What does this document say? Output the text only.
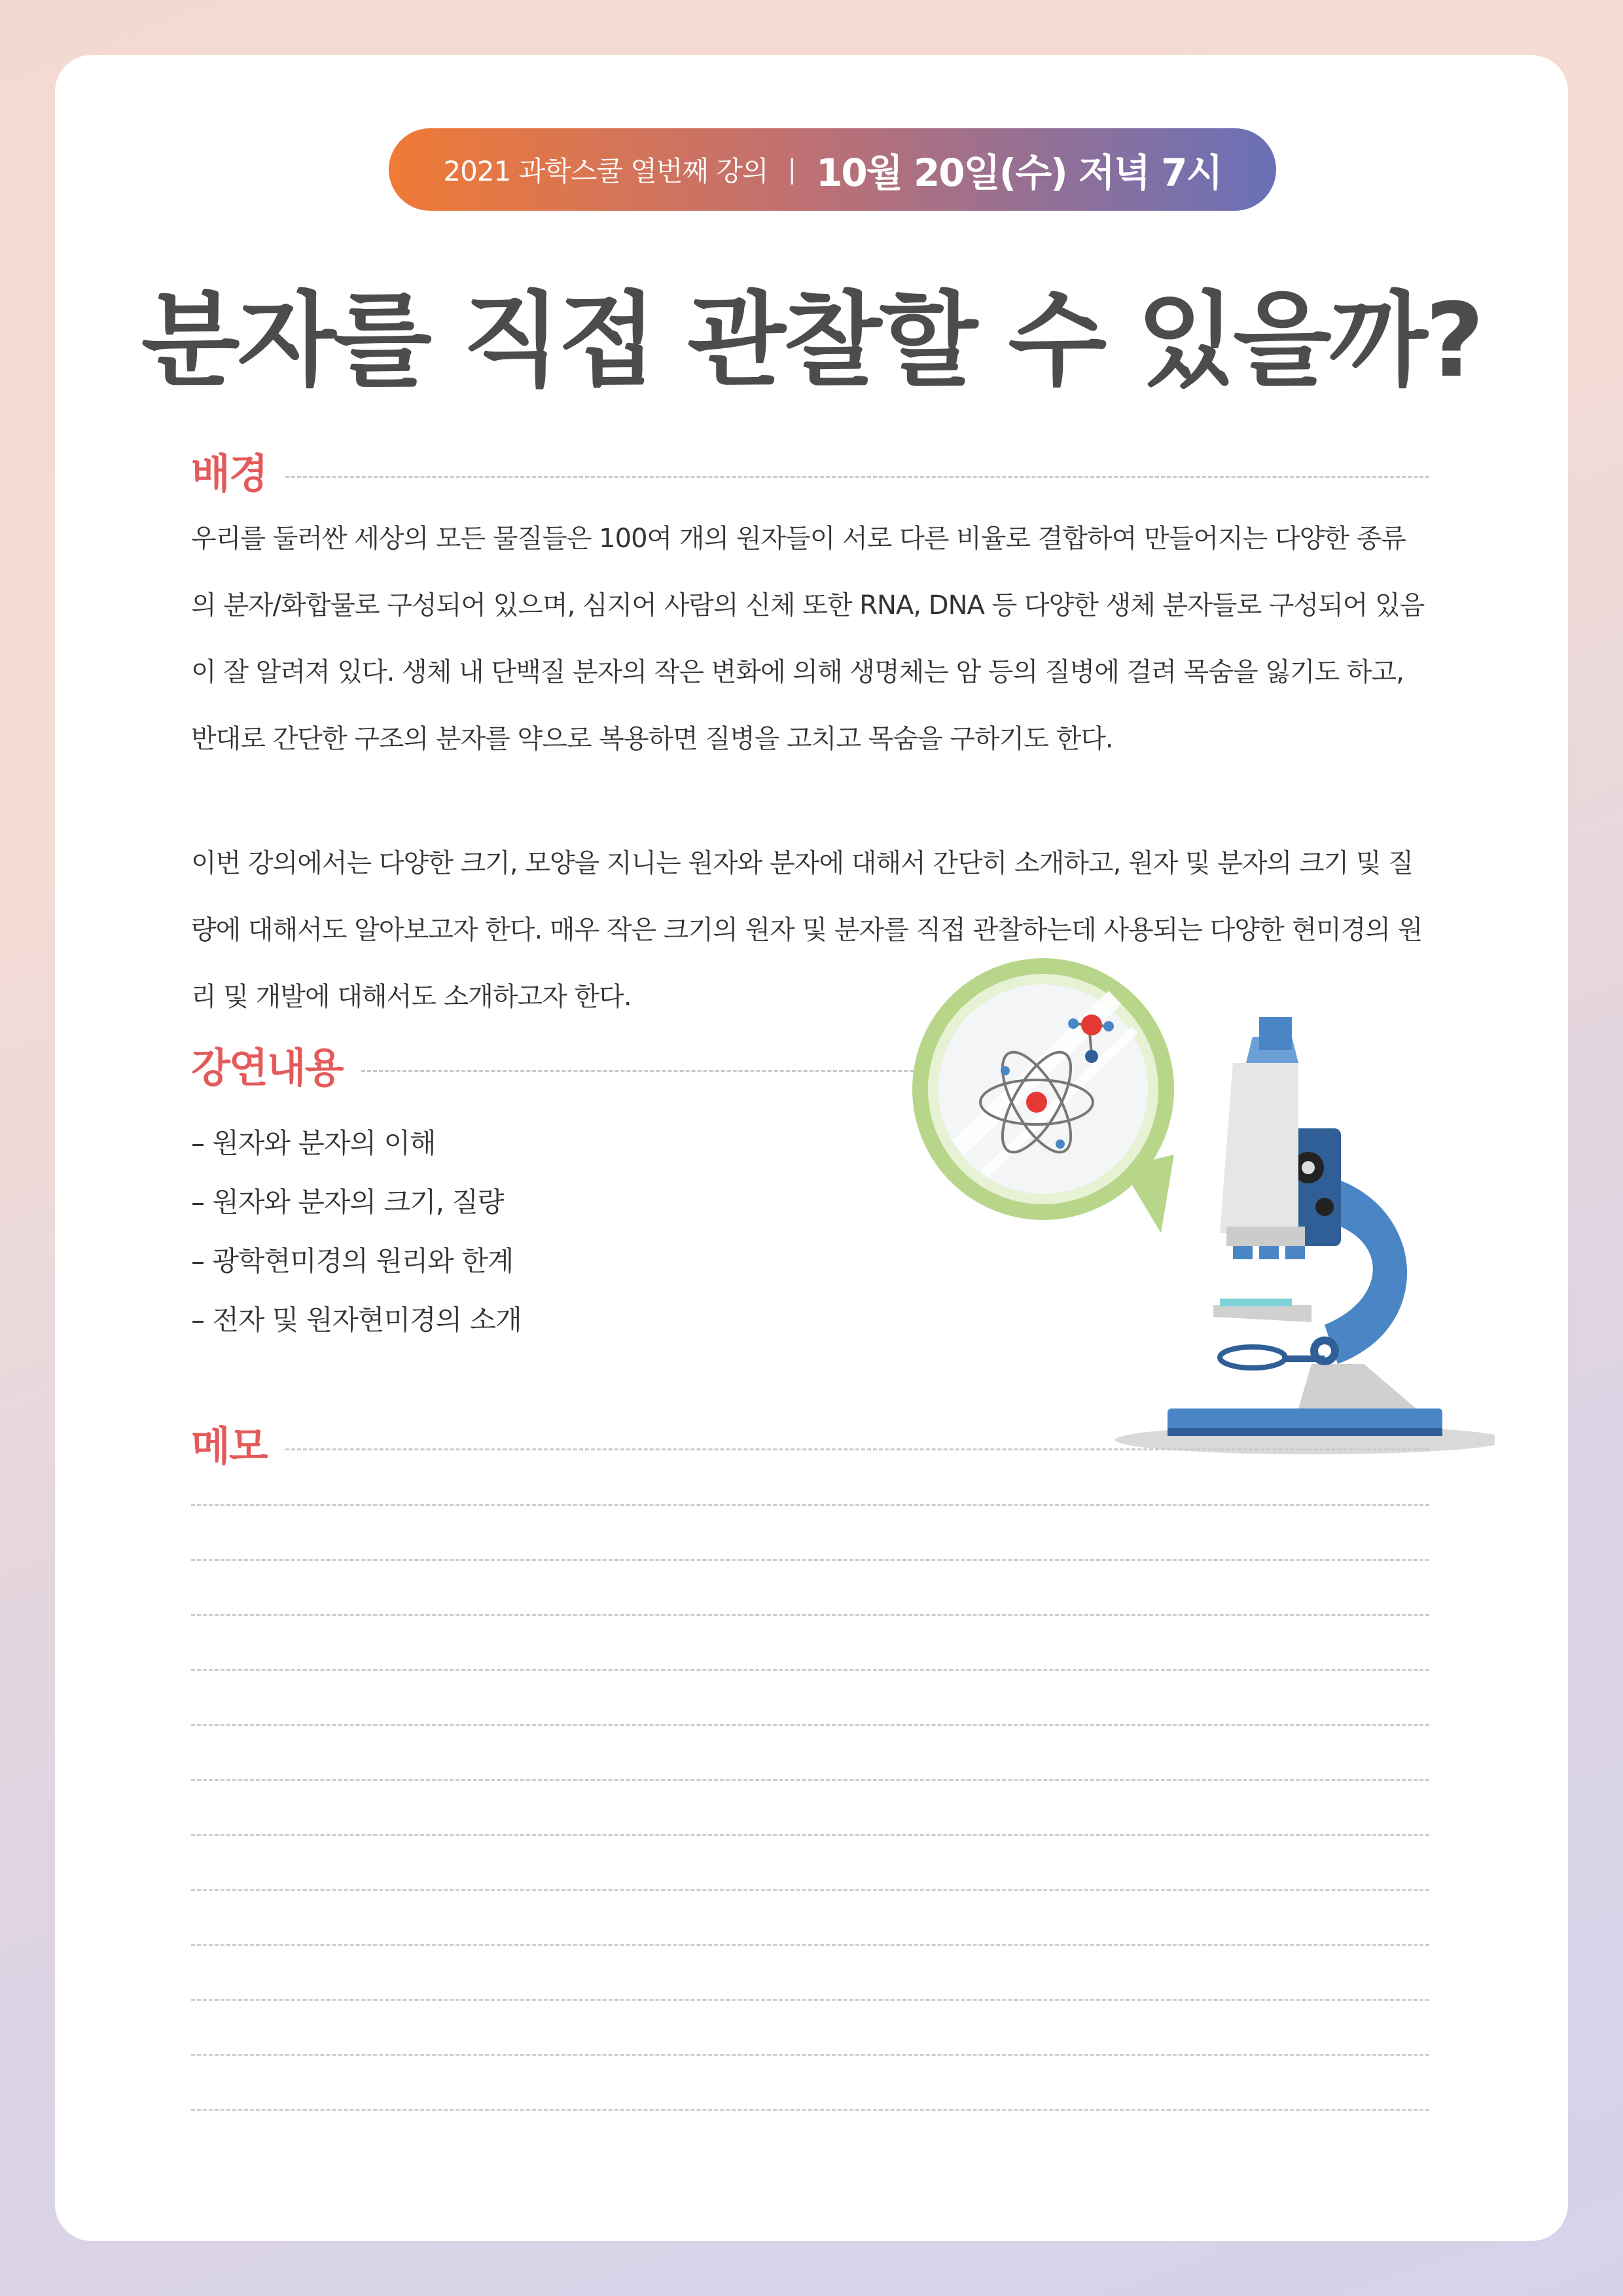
2021 과학스쿨 열번째 강의 | 10월 20일(수) 저녁 7시
분자를 직접 관찰할 수 있을까?
배경

우리를 둘러싼 세상의 모든 물질들은 100여 개의 원자들이 서로 다른 비율로 결합하여 만들어지는 다양한 종류의 분자/화합물로 구성되어 있으며, 심지어 사람의 신체 또한 RNA, DNA 등 다양한 생체 분자들로 구성되어 있음이 잘 알려져 있다. 생체 내 단백질 분자의 작은 변화에 의해 생명체는 암 등의 질병에 걸려 목숨을 잃기도 하고, 반대로 간단한 구조의 분자를 약으로 복용하면 질병을 고치고 목숨을 구하기도 한다.

이번 강의에서는 다양한 크기, 모양을 지니는 원자와 분자에 대해서 간단히 소개하고, 원자 및 분자의 크기 및 질량에 대해서도 알아보고자 한다. 매우 작은 크기의 원자 및 분자를 직접 관찰하는데 사용되는 다양한 현미경의 원리 및 개발에 대해서도 소개하고자 한다.

강연내용
– 원자와 분자의 이해
– 원자와 분자의 크기, 질량
– 광학현미경의 원리와 한계
– 전자 및 원자현미경의 소개
메모
